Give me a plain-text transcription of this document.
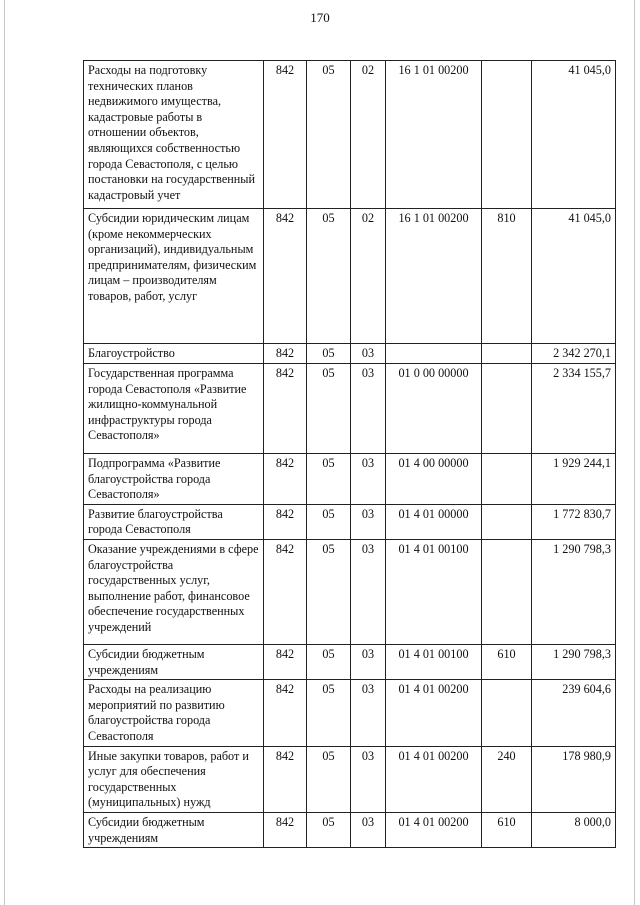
170
Расходы на подготовку технических планов недвижимого имущества, кадастровые работы в отношении объектов, являющихся собственностью города Севастополя, с целью постановки на государственный кадастровый учет	842	05	02	16 1 01 00200		41 045,0
Субсидии юридическим лицам (кроме некоммерческих организаций), индивидуальным предпринимателям, физическим лицам – производителям товаров, работ, услуг	842	05	02	16 1 01 00200	810	41 045,0
Благоустройство	842	05	03			2 342 270,1
Государственная программа города Севастополя «Развитие жилищно-коммунальной инфраструктуры города Севастополя»	842	05	03	01 0 00 00000		2 334 155,7
Подпрограмма «Развитие благоустройства города Севастополя»	842	05	03	01 4 00 00000		1 929 244,1
Развитие благоустройства города Севастополя	842	05	03	01 4 01 00000		1 772 830,7
Оказание учреждениями в сфере благоустройства государственных услуг, выполнение работ, финансовое обеспечение государственных учреждений	842	05	03	01 4 01 00100		1 290 798,3
Субсидии бюджетным учреждениям	842	05	03	01 4 01 00100	610	1 290 798,3
Расходы на реализацию мероприятий по развитию благоустройства города Севастополя	842	05	03	01 4 01 00200		239 604,6
Иные закупки товаров, работ и услуг для обеспечения государственных (муниципальных) нужд	842	05	03	01 4 01 00200	240	178 980,9
Субсидии бюджетным учреждениям	842	05	03	01 4 01 00200	610	8 000,0
